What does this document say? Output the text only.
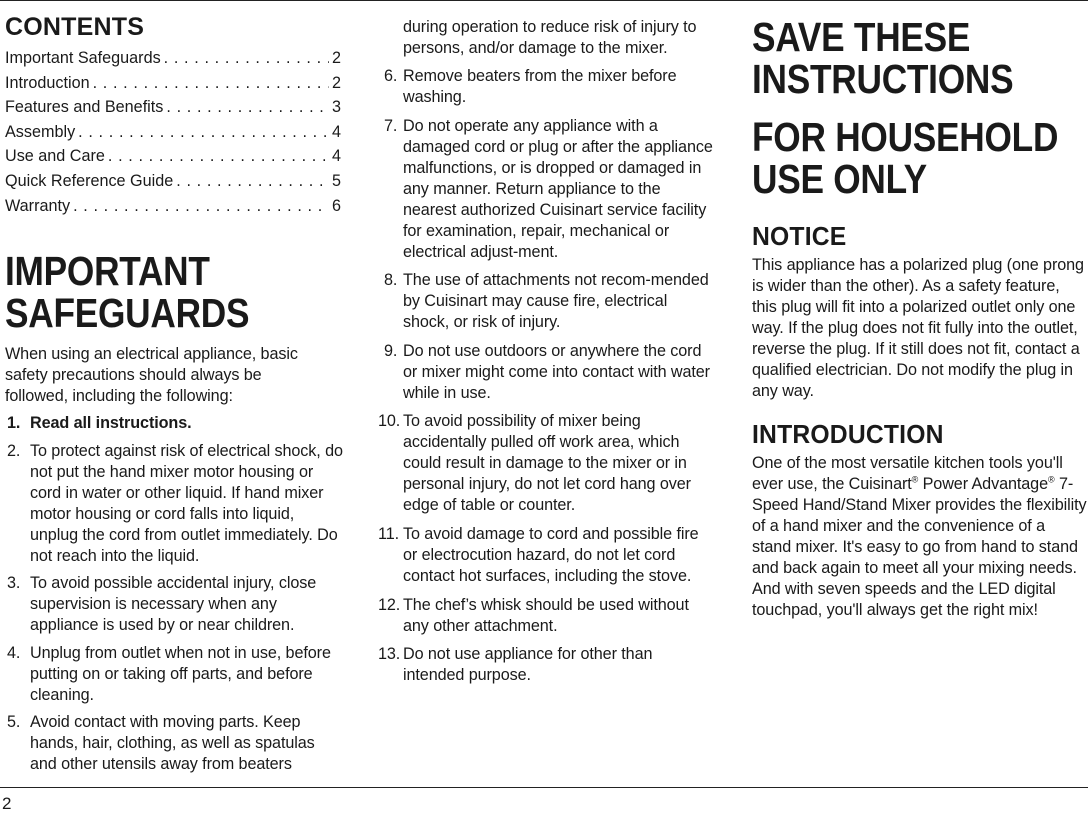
CONTENTS
Important Safeguards . . .	2
Introduction . . .	2
Features and Benefits . . .	3
Assembly . . .	4
Use and Care . . .	4
Quick Reference Guide . . .	5
Warranty . . .	6
IMPORTANT
SAFEGUARDS
When using an electrical appliance, basic safety precautions should always be followed, including the following:
1. Read all instructions.
2. To protect against risk of electrical shock, do not put the hand mixer motor housing or cord in water or other liquid. If hand mixer motor housing or cord falls into liquid, unplug the cord from outlet immediately. Do not reach into the liquid.
3. To avoid possible accidental injury, close supervision is necessary when any appliance is used by or near children.
4. Unplug from outlet when not in use, before putting on or taking off parts, and before cleaning.
5. Avoid contact with moving parts. Keep hands, hair, clothing, as well as spatulas and other utensils away from beaters
during operation to reduce risk of injury to persons, and/or damage to the mixer.
6. Remove beaters from the mixer before washing.
7. Do not operate any appliance with a damaged cord or plug or after the appliance malfunctions, or is dropped or damaged in any manner. Return appliance to the nearest authorized Cuisinart service facility for examination, repair, mechanical or electrical adjust-ment.
8. The use of attachments not recom-mended by Cuisinart may cause fire, electrical shock, or risk of injury.
9. Do not use outdoors or anywhere the cord or mixer might come into contact with water while in use.
10. To avoid possibility of mixer being accidentally pulled off work area, which could result in damage to the mixer or in personal injury, do not let cord hang over edge of table or counter.
11. To avoid damage to cord and possible fire or electrocution hazard, do not let cord contact hot surfaces, including the stove.
12. The chef’s whisk should be used without any other attachment.
13. Do not use appliance for other than intended purpose.
SAVE THESE
INSTRUCTIONS
FOR HOUSEHOLD
USE ONLY
NOTICE
This appliance has a polarized plug (one prong is wider than the other). As a safety feature, this plug will fit into a polarized outlet only one way. If the plug does not fit fully into the outlet, reverse the plug. If it still does not fit, contact a qualified electrician. Do not modify the plug in any way.
INTRODUCTION
One of the most versatile kitchen tools you'll ever use, the Cuisinart® Power Advantage® 7-Speed Hand/Stand Mixer provides the flexibility of a hand mixer and the convenience of a stand mixer. It's easy to go from hand to stand and back again to meet all your mixing needs. And with seven speeds and the LED digital touchpad, you'll always get the right mix!
2
